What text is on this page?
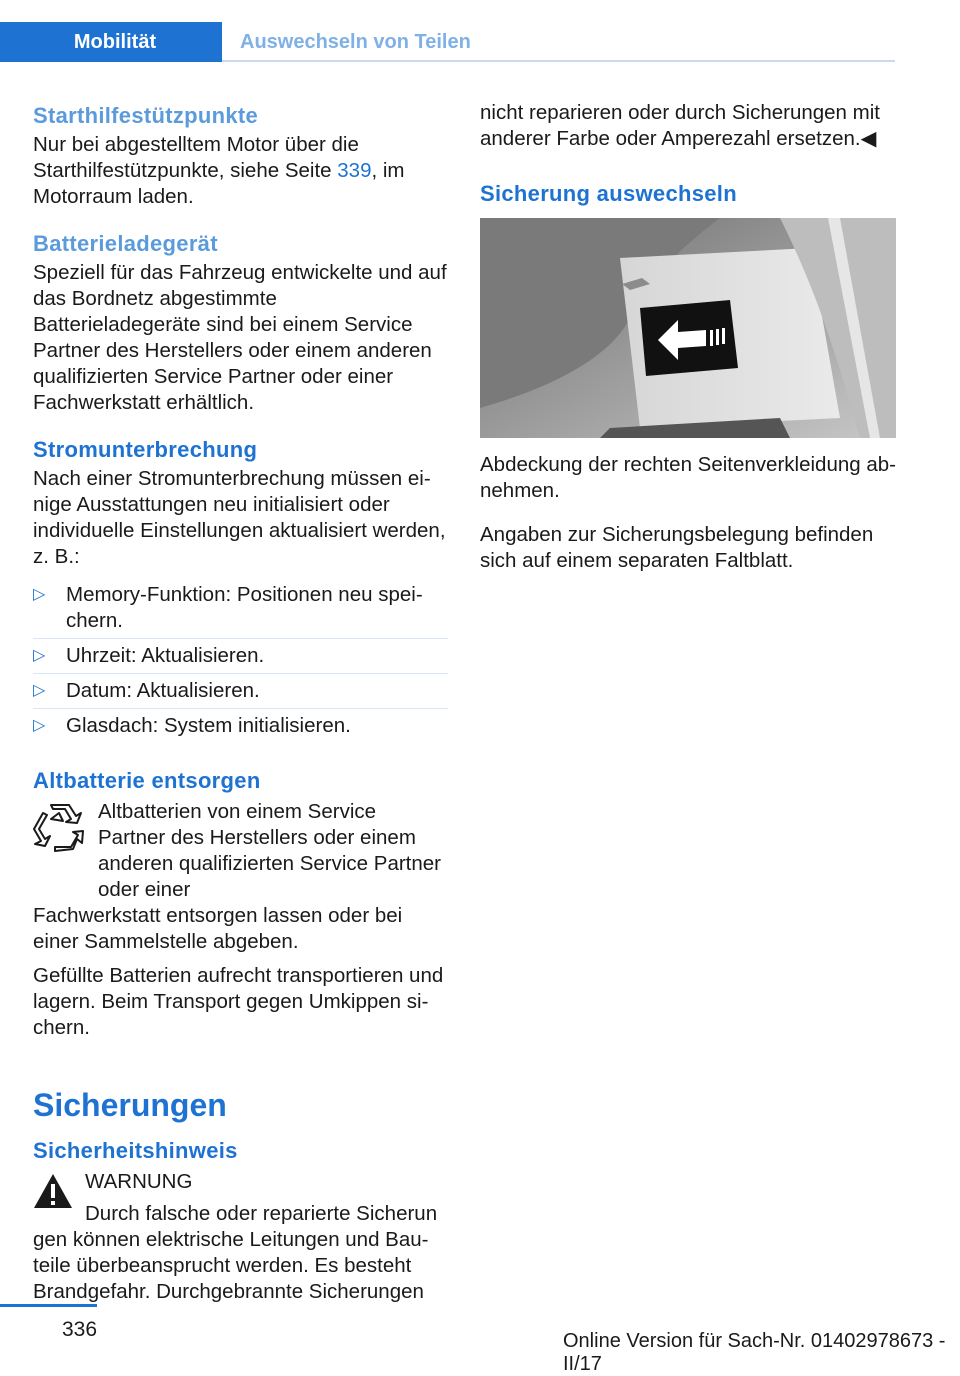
Mobilität	Auswechseln von Teilen
Starthilfestützpunkte

Nur bei abgestelltem Motor über die Starthilfestützpunkte, siehe Seite 339, im Motorraum laden.

Batterieladegerät

Speziell für das Fahrzeug entwickelte und auf das Bordnetz abgestimmte Batterieladegeräte sind bei einem Service Partner des Herstellers oder einem anderen qualifizierten Service Partner oder einer Fachwerkstatt erhältlich.

Stromunterbrechung

Nach einer Stromunterbrechung müssen einige Ausstattungen neu initialisiert oder individuelle Einstellungen aktualisiert werden, z. B.:

▷ Memory-Funktion: Positionen neu speichern.
▷ Uhrzeit: Aktualisieren.
▷ Datum: Aktualisieren.
▷ Glasdach: System initialisieren.
Altbatterie entsorgen

Altbatterien von einem Service Partner des Herstellers oder einem anderen qualifizierten Service Partner oder einer

Fachwerkstatt entsorgen lassen oder bei einer Sammelstelle abgeben.

Gefüllte Batterien aufrecht transportieren und lagern. Beim Transport gegen Umkippen sichern.

Sicherungen
Sicherheitshinweis
WARNUNG
Durch falsche oder reparierte Sicherun

gen können elektrische Leitungen und Bauteile überbeansprucht werden. Es besteht Brandgefahr. Durchgebrannte Sicherungen

nicht reparieren oder durch Sicherungen mit anderer Farbe oder Amperezahl ersetzen.◀

Sicherung auswechseln

Abdeckung der rechten Seitenverkleidung abnehmen.

Angaben zur Sicherungsbelegung befinden sich auf einem separaten Faltblatt.

336	Online Version für Sach-Nr. 01402978673 - II/17
